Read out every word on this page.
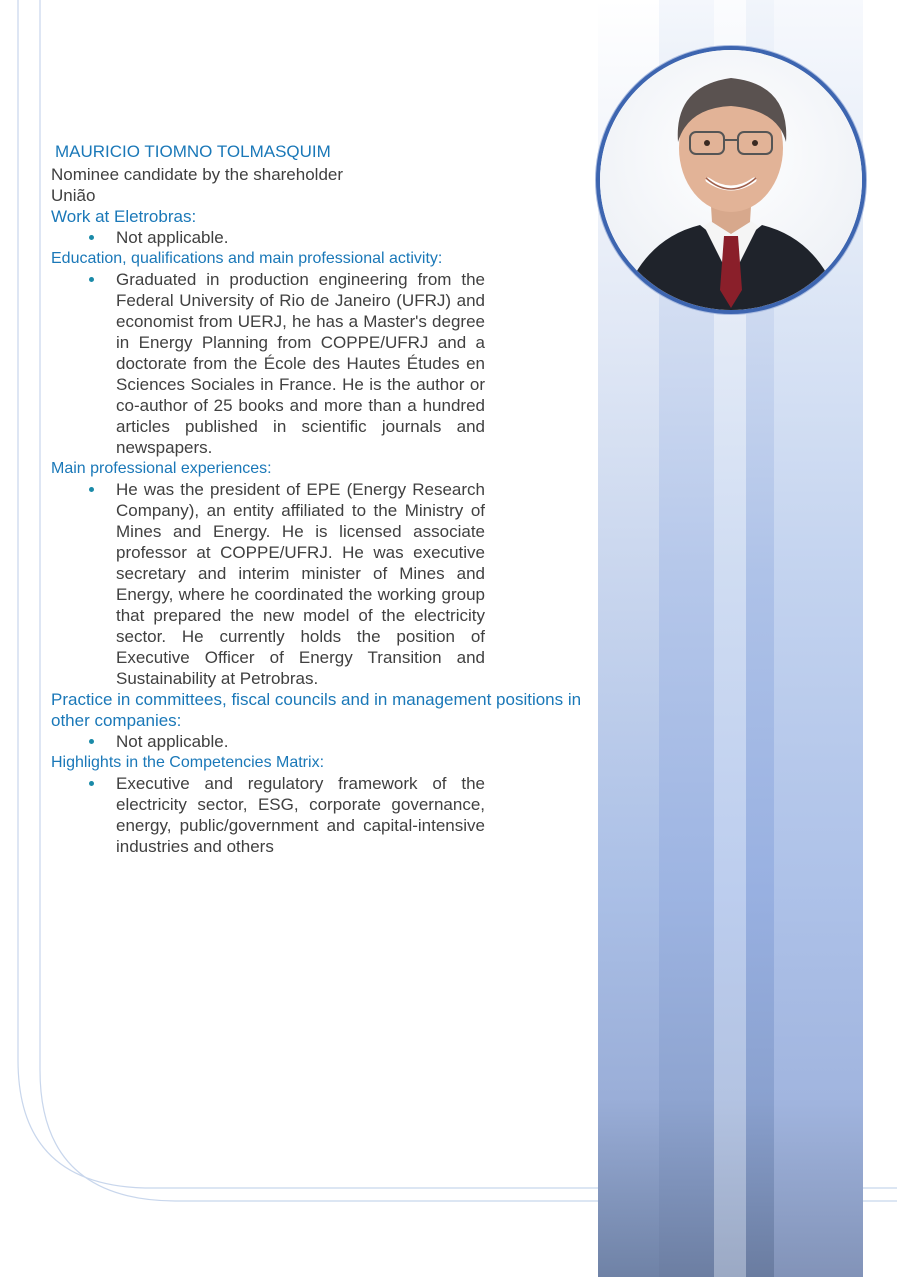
MAURICIO TIOMNO TOLMASQUIM

Nominee candidate by the shareholder

União

Work at Eletrobras:

Not applicable.

Education, qualifications and main professional activity:

Graduated in production engineering from the Federal University of Rio de Janeiro (UFRJ) and economist from UERJ, he has a Master's degree in Energy Planning from COPPE/UFRJ and a doctorate from the École des Hautes Études en Sciences Sociales in France. He is the author or co-author of 25 books and more than a hundred articles published in scientific journals and newspapers.

Main professional experiences:

He was the president of EPE (Energy Research Company), an entity affiliated to the Ministry of Mines and Energy. He is licensed associate professor at COPPE/UFRJ. He was executive secretary and interim minister of Mines and Energy, where he coordinated the working group that prepared the new model of the electricity sector. He currently holds the position of Executive Officer of Energy Transition and Sustainability at Petrobras.

Practice in committees, fiscal councils and in management positions in other companies:

Not applicable.

Highlights in the Competencies Matrix:

Executive and regulatory framework of the electricity sector, ESG, corporate governance, energy, public/government and capital-intensive industries and others
